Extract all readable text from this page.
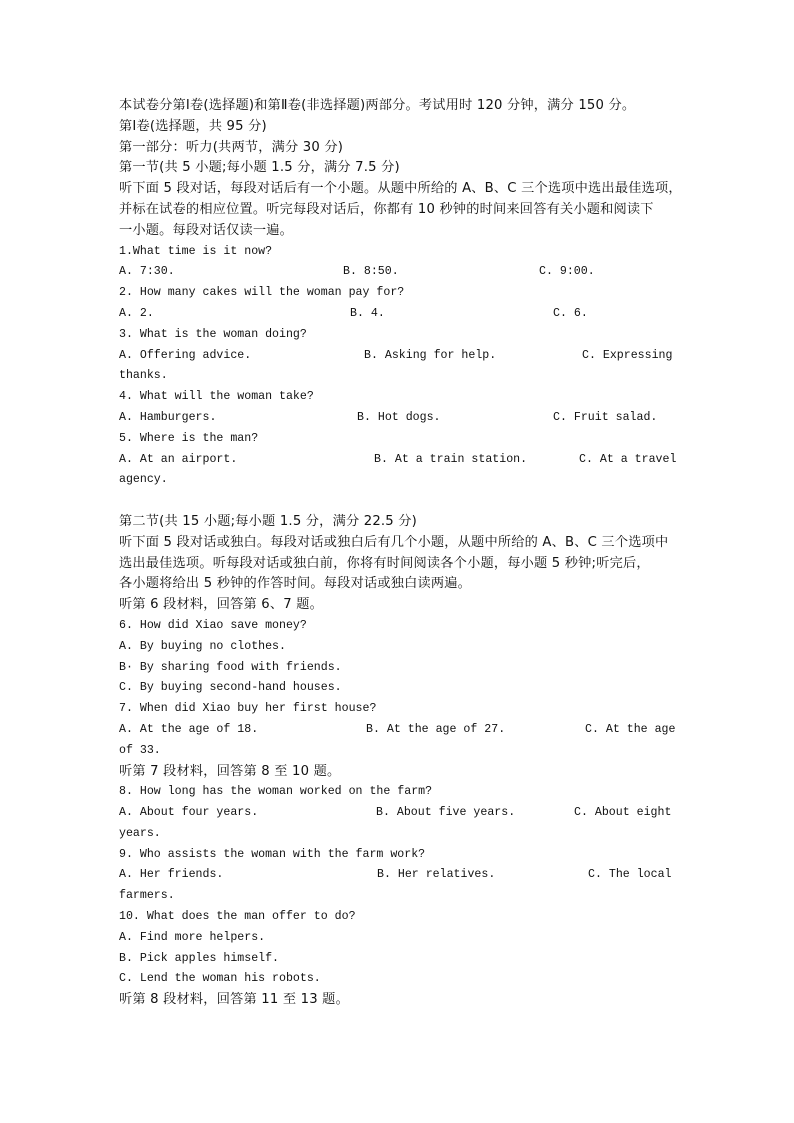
本试卷分第Ⅰ卷(选择题)和第Ⅱ卷(非选择题)两部分。考试用时 120 分钟，满分 150 分。
第Ⅰ卷(选择题，共 95 分)
第一部分：听力(共两节，满分 30 分)
第一节(共 5 小题;每小题 1.5 分，满分 7.5 分)
听下面 5 段对话，每段对话后有一个小题。从题中所给的 A、B、C 三个选项中选出最佳选项，
并标在试卷的相应位置。听完每段对话后，你都有 10 秒钟的时间来回答有关小题和阅读下
一小题。每段对话仅读一遍。
1.What time is it now?
A. 7:30.	B. 8:50.	C. 9:00.
2. How many cakes will the woman pay for?
A. 2.	B. 4.	C. 6.
3. What is the woman doing?
A. Offering advice.	B. Asking for help.	C. Expressing
thanks.
4. What will the woman take?
A. Hamburgers.	B. Hot dogs.	C. Fruit salad.
5. Where is the man?
A. At an airport.	B. At a train station.	C. At a travel
agency.
第二节(共 15 小题;每小题 1.5 分，满分 22.5 分)
听下面 5 段对话或独白。每段对话或独白后有几个小题，从题中所给的 A、B、C 三个选项中
选出最佳选项。听每段对话或独白前，你将有时间阅读各个小题，每小题 5 秒钟;听完后，
各小题将给出 5 秒钟的作答时间。每段对话或独白读两遍。
听第 6 段材料，回答第 6、7 题。
6. How did Xiao save money?
A. By buying no clothes.
B· By sharing food with friends.
C. By buying second-hand houses.
7. When did Xiao buy her first house?
A. At the age of 18.	B. At the age of 27.	C. At the age
of 33.
听第 7 段材料，回答第 8 至 10 题。
8. How long has the woman worked on the farm?
A. About four years.	B. About five years.	C. About eight
years.
9. Who assists the woman with the farm work?
A. Her friends.	B. Her relatives.	C. The local
farmers.
10. What does the man offer to do?
A. Find more helpers.
B. Pick apples himself.
C. Lend the woman his robots.
听第 8 段材料，回答第 11 至 13 题。
